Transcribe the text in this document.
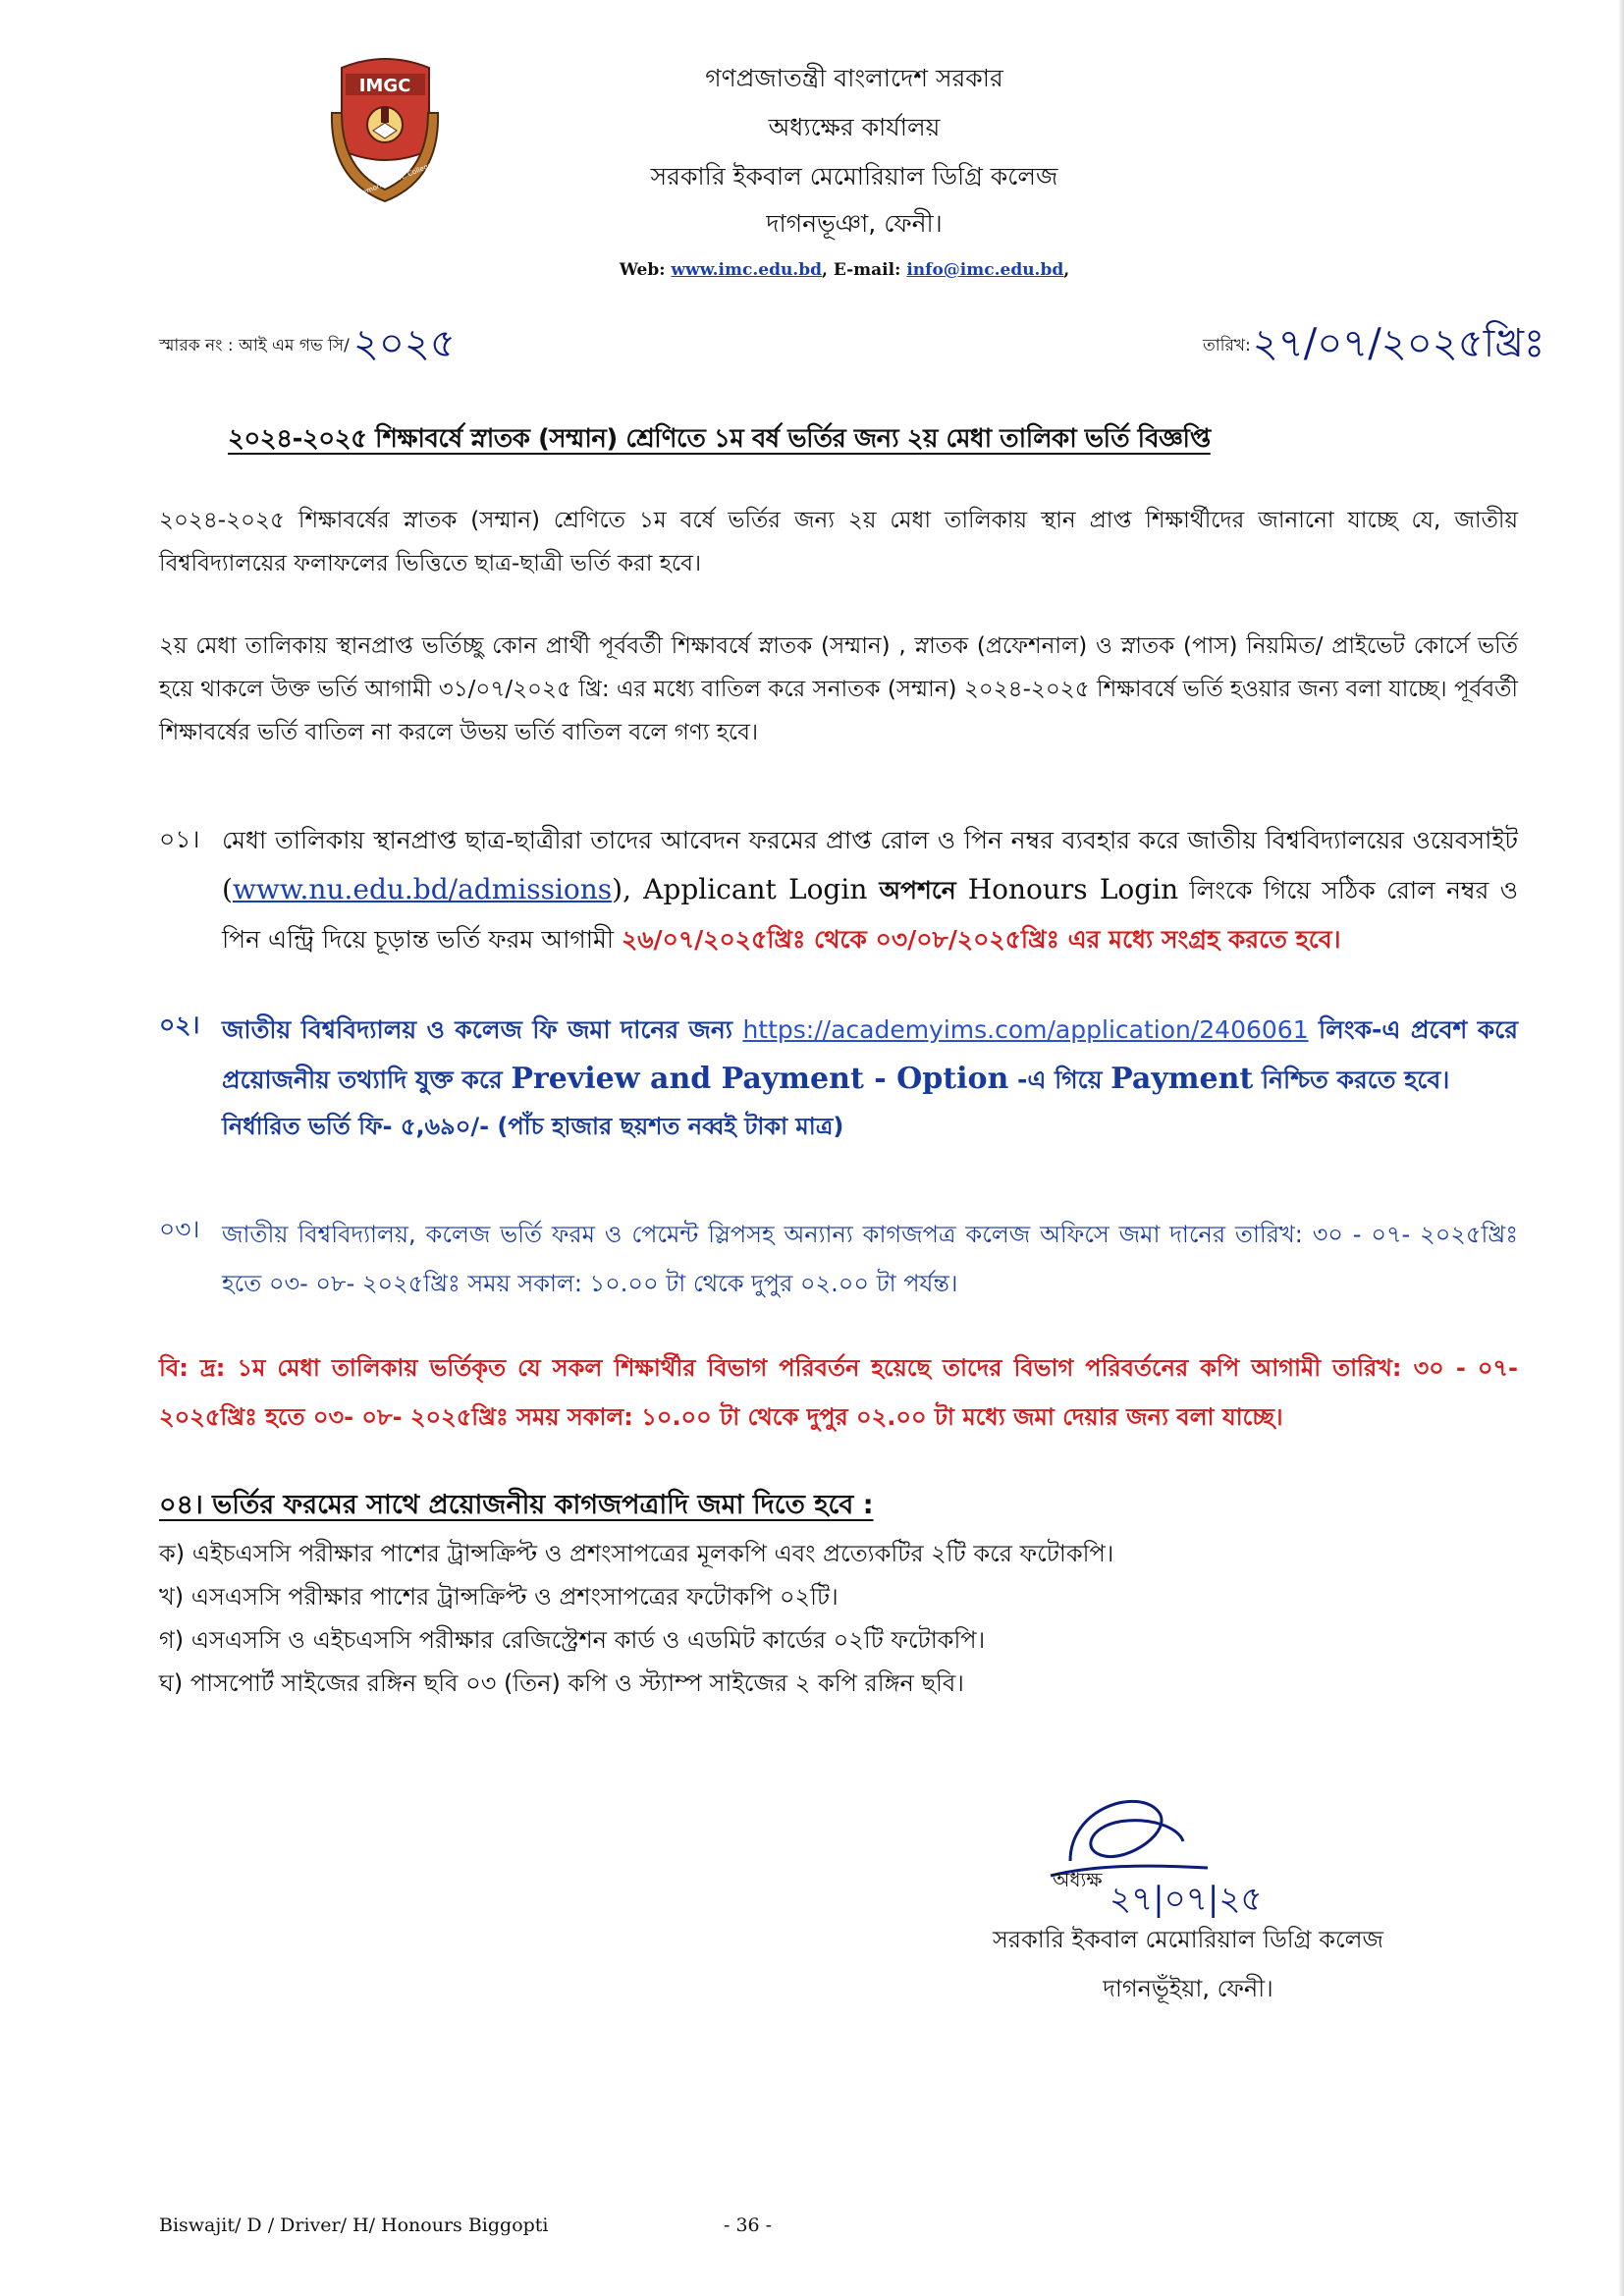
IMGC
Iqbal Memorial Govt. College
গণপ্রজাতন্ত্রী বাংলাদেশ সরকার
অধ্যক্ষের কার্যালয়
সরকারি ইকবাল মেমোরিয়াল ডিগ্রি কলেজ
দাগনভূঞা, ফেনী।
Web: www.imc.edu.bd, E-mail: info@imc.edu.bd,
স্মারক নং : আই এম গভ সি/ ২০২৫	তারিখ:২৭/০৭/২০২৫খ্রিঃ
২০২৪-২০২৫ শিক্ষাবর্ষে স্নাতক (সম্মান) শ্রেণিতে ১ম বর্ষ ভর্তির জন্য ২য় মেধা তালিকা ভর্তি বিজ্ঞপ্তি
২০২৪-২০২৫ শিক্ষাবর্ষের স্নাতক (সম্মান) শ্রেণিতে ১ম বর্ষে ভর্তির জন্য ২য় মেধা তালিকায় স্থান প্রাপ্ত শিক্ষার্থীদের জানানো যাচ্ছে যে, জাতীয় বিশ্ববিদ্যালয়ের ফলাফলের ভিত্তিতে ছাত্র-ছাত্রী ভর্তি করা হবে।
২য় মেধা তালিকায় স্থানপ্রাপ্ত ভর্তিচ্ছু কোন প্রার্থী পূর্ববর্তী শিক্ষাবর্ষে স্নাতক (সম্মান) , স্নাতক (প্রফেশনাল) ও স্নাতক (পাস) নিয়মিত/ প্রাইভেট কোর্সে ভর্তি হয়ে থাকলে উক্ত ভর্তি আগামী ৩১/০৭/২০২৫ খ্রি: এর মধ্যে বাতিল করে সনাতক (সম্মান) ২০২৪-২০২৫ শিক্ষাবর্ষে ভর্তি হওয়ার জন্য বলা যাচ্ছে। পূর্ববর্তী শিক্ষাবর্ষের ভর্তি বাতিল না করলে উভয় ভর্তি বাতিল বলে গণ্য হবে।
০১। মেধা তালিকায় স্থানপ্রাপ্ত ছাত্র-ছাত্রীরা তাদের আবেদন ফরমের প্রাপ্ত রোল ও পিন নম্বর ব্যবহার করে জাতীয় বিশ্ববিদ্যালয়ের ওয়েবসাইট (www.nu.edu.bd/admissions), Applicant Login অপশনে Honours Login লিংকে গিয়ে সঠিক রোল নম্বর ও পিন এন্ট্রি দিয়ে চূড়ান্ত ভর্তি ফরম আগামী ২৬/০৭/২০২৫খ্রিঃ থেকে ০৩/০৮/২০২৫খ্রিঃ এর মধ্যে সংগ্রহ করতে হবে।
০২। জাতীয় বিশ্ববিদ্যালয় ও কলেজ ফি জমা দানের জন্য https://academyims.com/application/2406061 লিংক-এ প্রবেশ করে প্রয়োজনীয় তথ্যাদি যুক্ত করে Preview and Payment - Option -এ গিয়ে Payment নিশ্চিত করতে হবে।
নির্ধারিত ভর্তি ফি- ৫,৬৯০/- (পাঁচ হাজার ছয়শত নব্বই টাকা মাত্র)
০৩। জাতীয় বিশ্ববিদ্যালয়, কলেজ ভর্তি ফরম ও পেমেন্ট স্লিপসহ অন্যান্য কাগজপত্র কলেজ অফিসে জমা দানের তারিখ: ৩০ - ০৭- ২০২৫খ্রিঃ হতে ০৩- ০৮- ২০২৫খ্রিঃ সময় সকাল: ১০.০০ টা থেকে দুপুর ০২.০০ টা পর্যন্ত।
বি: দ্র: ১ম মেধা তালিকায় ভর্তিকৃত যে সকল শিক্ষার্থীর বিভাগ পরিবর্তন হয়েছে তাদের বিভাগ পরিবর্তনের কপি আগামী তারিখ: ৩০ - ০৭- ২০২৫খ্রিঃ হতে ০৩- ০৮- ২০২৫খ্রিঃ সময় সকাল: ১০.০০ টা থেকে দুপুর ০২.০০ টা মধ্যে জমা দেয়ার জন্য বলা যাচ্ছে।
০৪। ভর্তির ফরমের সাথে প্রয়োজনীয় কাগজপত্রাদি জমা দিতে হবে :
ক) এইচএসসি পরীক্ষার পাশের ট্রান্সক্রিপ্ট ও প্রশংসাপত্রের মূলকপি এবং প্রত্যেকটির ২টি করে ফটোকপি।
খ) এসএসসি পরীক্ষার পাশের ট্রান্সক্রিপ্ট ও প্রশংসাপত্রের ফটোকপি ০২টি।
গ) এসএসসি ও এইচএসসি পরীক্ষার রেজিস্ট্রেশন কার্ড ও এডমিট কার্ডের ০২টি ফটোকপি।
ঘ) পাসপোর্ট সাইজের রঙ্গিন ছবি ০৩ (তিন) কপি ও স্ট্যাম্প সাইজের ২ কপি রঙ্গিন ছবি।
২৭|০৭|২৫
অধ্যক্ষ
সরকারি ইকবাল মেমোরিয়াল ডিগ্রি কলেজ
দাগনভূঁইয়া, ফেনী।
Biswajit/ D / Driver/ H/ Honours Biggopti	- 36 -
